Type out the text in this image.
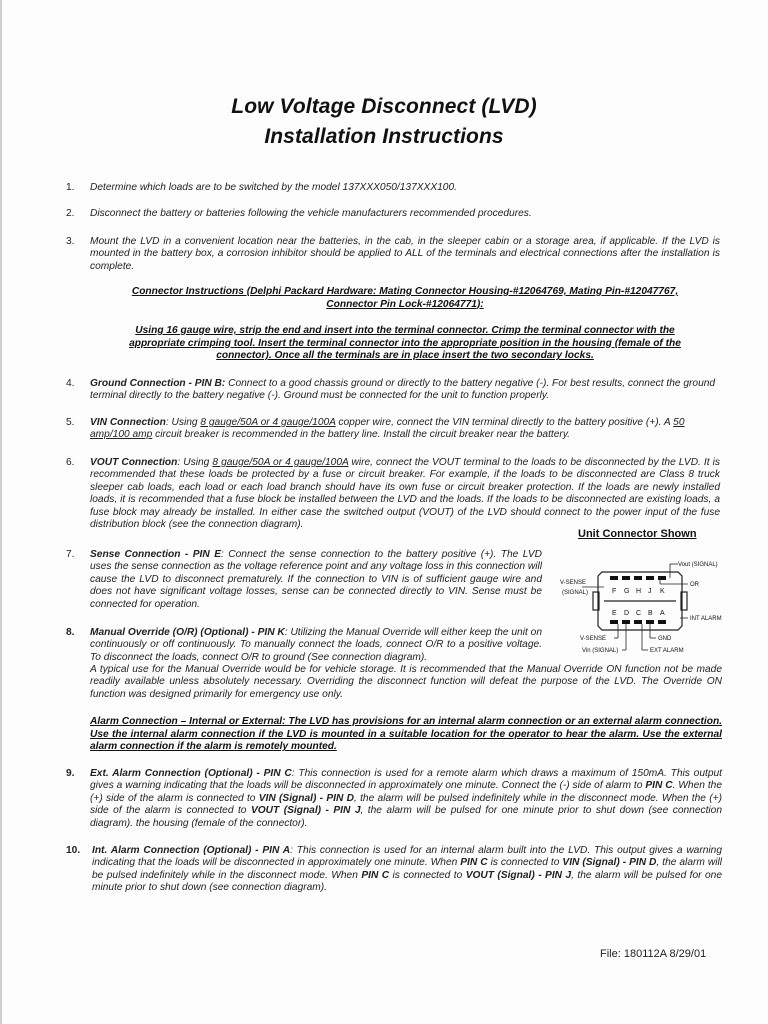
Low Voltage Disconnect (LVD)
Installation Instructions
1. Determine which loads are to be switched by the model 137XXX050/137XXX100.
2. Disconnect the battery or batteries following the vehicle manufacturers recommended procedures.
3. Mount the LVD in a convenient location near the batteries, in the cab, in the sleeper cabin or a storage area, if applicable. If the LVD is mounted in the battery box, a corrosion inhibitor should be applied to ALL of the terminals and electrical connections after the installation is complete.
Connector Instructions (Delphi Packard Hardware: Mating Connector Housing-#12064769, Mating Pin-#12047767,
Connector Pin Lock-#12064771):
Using 16 gauge wire, strip the end and insert into the terminal connector. Crimp the terminal connector with the
appropriate crimping tool. Insert the terminal connector into the appropriate position in the housing (female of the
connector). Once all the terminals are in place insert the two secondary locks.
4. Ground Connection - PIN B: Connect to a good chassis ground or directly to the battery negative (-). For best results, connect the ground terminal directly to the battery negative (-). Ground must be connected for the unit to function properly.
5. VIN Connection: Using 8 gauge/50A or 4 gauge/100A copper wire, connect the VIN terminal directly to the battery positive (+). A 50 amp/100 amp circuit breaker is recommended in the battery line. Install the circuit breaker near the battery.
6. VOUT Connection: Using 8 gauge/50A or 4 gauge/100A wire, connect the VOUT terminal to the loads to be disconnected by the LVD. It is recommended that these loads be protected by a fuse or circuit breaker. For example, if the loads to be disconnected are Class 8 truck sleeper cab loads, each load or each load branch should have its own fuse or circuit breaker protection. If the loads are newly installed loads, it is recommended that a fuse block be installed between the LVD and the loads. If the loads to be disconnected are existing loads, a fuse block may already be installed. In either case the switched output (VOUT) of the LVD should connect to the power input of the fuse distribution block (see the connection diagram).
Unit Connector Shown
Vout (SIGNAL)
OR
V-SENSE
(SIGNAL)
INT ALARM
V-SENSE	GND
Vin (SIGNAL)	EXT ALARM
F G H J K
E D C B A
7. Sense Connection - PIN E: Connect the sense connection to the battery positive (+). The LVD uses the sense connection as the voltage reference point and any voltage loss in this connection will cause the LVD to disconnect prematurely. If the connection to VIN is of sufficient gauge wire and does not have significant voltage losses, sense can be connected directly to VIN. Sense must be connected for operation.
8. Manual Override (O/R) (Optional) - PIN K: Utilizing the Manual Override will either keep the unit on continuously or off continuously. To manually connect the loads, connect O/R to a positive voltage. To disconnect the loads, connect O/R to ground (See connection diagram).
A typical use for the Manual Override would be for vehicle storage. It is recommended that the Manual Override ON function not be made readily available unless absolutely necessary. Overriding the disconnect function will defeat the purpose of the LVD. The Override ON function was designed primarily for emergency use only.
Alarm Connection – Internal or External: The LVD has provisions for an internal alarm connection or an external alarm connection. Use the internal alarm connection if the LVD is mounted in a suitable location for the operator to hear the alarm. Use the external alarm connection if the alarm is remotely mounted.
9. Ext. Alarm Connection (Optional) - PIN C: This connection is used for a remote alarm which draws a maximum of 150mA. This output gives a warning indicating that the loads will be disconnected in approximately one minute. Connect the (-) side of alarm to PIN C. When the (+) side of the alarm is connected to VIN (Signal) - PIN D, the alarm will be pulsed indefinitely while in the disconnect mode. When the (+) side of the alarm is connected to VOUT (Signal) - PIN J, the alarm will be pulsed for one minute prior to shut down (see connection diagram). the housing (female of the connector).
10. Int. Alarm Connection (Optional) - PIN A: This connection is used for an internal alarm built into the LVD. This output gives a warning indicating that the loads will be disconnected in approximately one minute. When PIN C is connected to VIN (Signal) - PIN D, the alarm will be pulsed indefinitely while in the disconnect mode. When PIN C is connected to VOUT (Signal) - PIN J, the alarm will be pulsed for one minute prior to shut down (see connection diagram).
File: 180112A 8/29/01
